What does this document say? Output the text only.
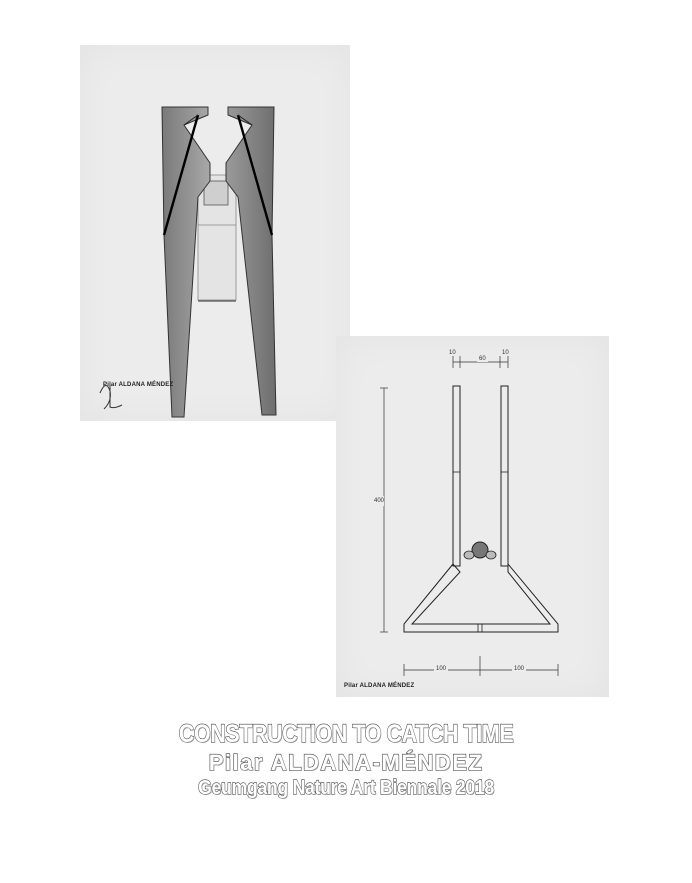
Pilar ALDANA MÉNDEZ
10
60
10
400
100	100
Pilar ALDANA MÉNDEZ
CONSTRUCTION TO CATCH TIME
Pilar ALDANA-MÉNDEZ
Geumgang Nature Art Biennale 2018
